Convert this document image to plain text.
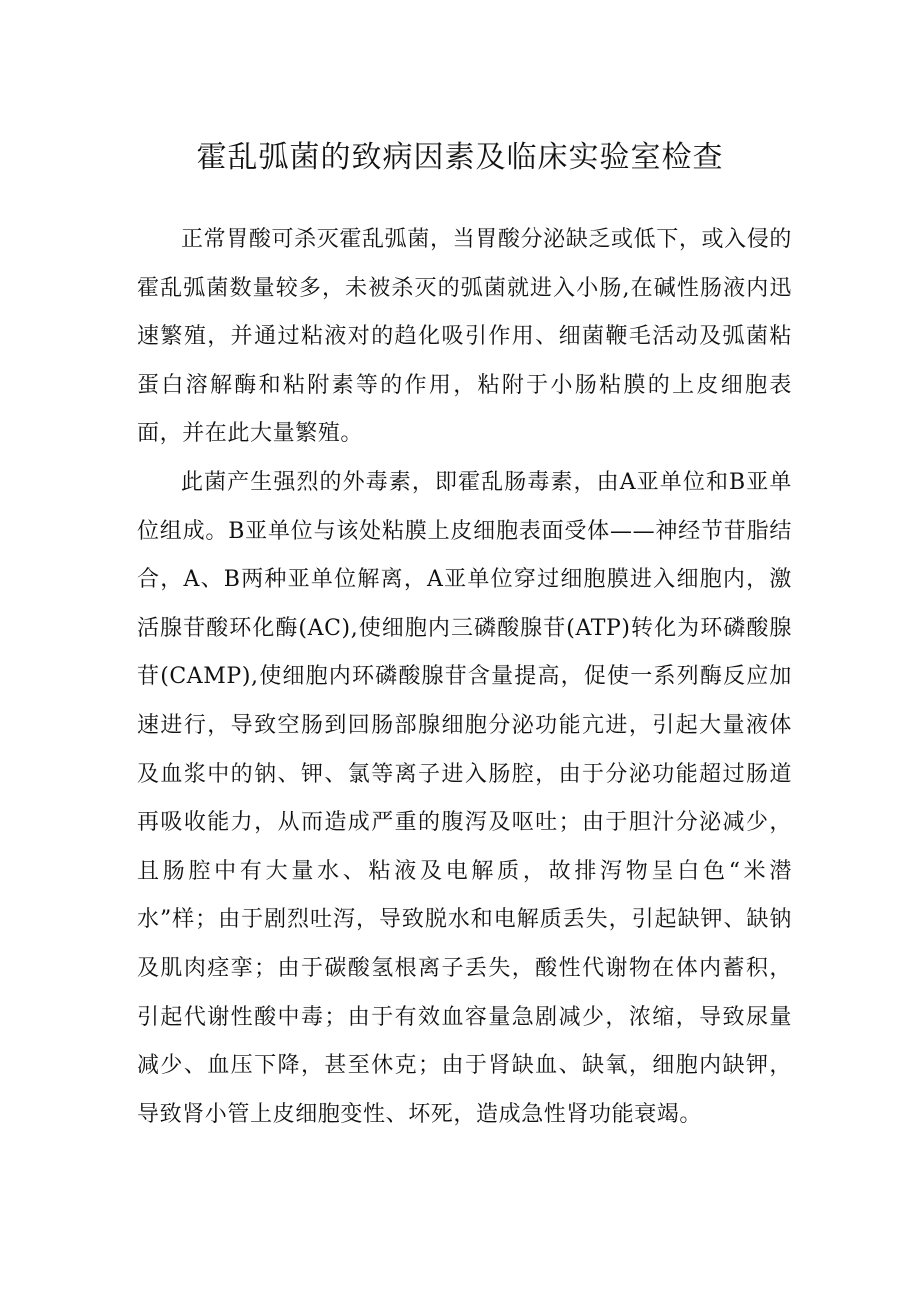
霍乱弧菌的致病因素及临床实验室检查

正常胃酸可杀灭霍乱弧菌，当胃酸分泌缺乏或低下，或入侵的霍乱弧菌数量较多，未被杀灭的弧菌就进入小肠,在碱性肠液内迅速繁殖，并通过粘液对的趋化吸引作用、细菌鞭毛活动及弧菌粘蛋白溶解酶和粘附素等的作用，粘附于小肠粘膜的上皮细胞表面，并在此大量繁殖。

此菌产生强烈的外毒素，即霍乱肠毒素，由A亚单位和B亚单位组成。B亚单位与该处粘膜上皮细胞表面受体——神经节苷脂结合，A、B两种亚单位解离，A亚单位穿过细胞膜进入细胞内，激活腺苷酸环化酶(AC),使细胞内三磷酸腺苷(ATP)转化为环磷酸腺苷(CAMP),使细胞内环磷酸腺苷含量提高，促使一系列酶反应加速进行，导致空肠到回肠部腺细胞分泌功能亢进，引起大量液体及血浆中的钠、钾、氯等离子进入肠腔，由于分泌功能超过肠道再吸收能力，从而造成严重的腹泻及呕吐；由于胆汁分泌减少，且肠腔中有大量水、粘液及电解质，故排泻物呈白色“米潜水”样；由于剧烈吐泻，导致脱水和电解质丢失，引起缺钾、缺钠及肌肉痉挛；由于碳酸氢根离子丢失，酸性代谢物在体内蓄积，引起代谢性酸中毒；由于有效血容量急剧减少，浓缩，导致尿量减少、血压下降，甚至休克；由于肾缺血、缺氧，细胞内缺钾，导致肾小管上皮细胞变性、坏死，造成急性肾功能衰竭。
